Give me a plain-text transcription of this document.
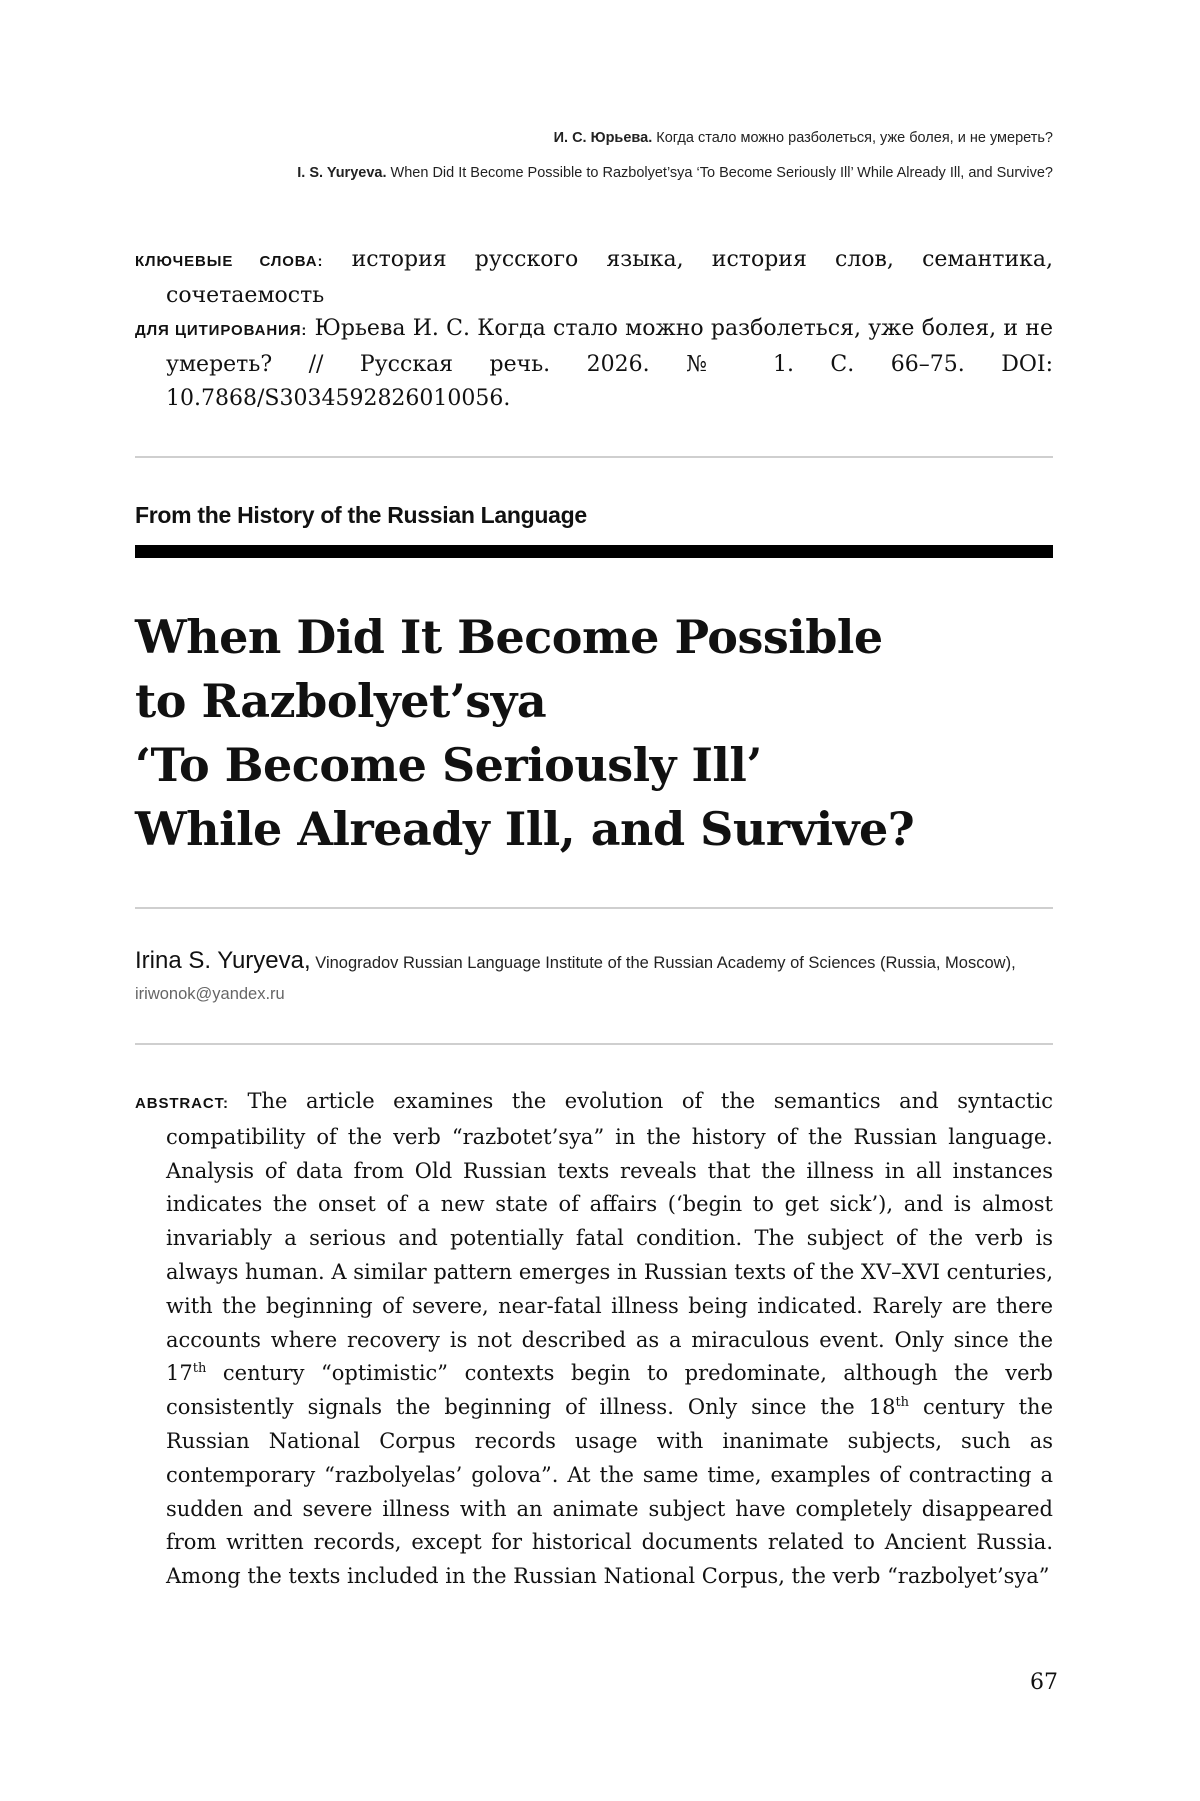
И. С. Юрьева. Когда стало можно разболеться, уже болея, и не умереть?
I. S. Yuryeva. When Did It Become Possible to Razbolyet’sya ‘To Become Seriously Ill’ While Already Ill, and Survive?

КЛЮЧЕВЫЕ СЛОВА: история русского языка, история слов, семантика, сочетаемость

ДЛЯ ЦИТИРОВАНИЯ: Юрьева И. С. Когда стало можно разболеться, уже болея, и не умереть? // Русская речь. 2026. № 1. С. 66–75. DOI: 10.7868/S3034592826010056.

From the History of the Russian Language
When Did It Become Possible
to Razbolyet’sya
‘To Become Seriously Ill’
While Already Ill, and Survive?
Irina S. Yuryeva, Vinogradov Russian Language Institute of the Russian Academy of Sciences (Russia, Moscow), iriwonok@yandex.ru

ABSTRACT: The article examines the evolution of the semantics and syntactic compatibility of the verb “razbotet’sya” in the history of the Russian language. Analysis of data from Old Russian texts reveals that the illness in all instances indicates the onset of a new state of affairs (‘begin to get sick’), and is almost invariably a serious and potentially fatal condition. The subject of the verb is always human. A similar pattern emerges in Russian texts of the XV–XVI centuries, with the beginning of severe, near-fatal illness being indicated. Rarely are there accounts where recovery is not described as a miraculous event. Only since the 17th century “optimistic” contexts begin to predominate, although the verb consistently signals the beginning of illness. Only since the 18th century the Russian National Corpus records usage with inanimate subjects, such as contemporary “razbolyelas’ golova”. At the same time, examples of contracting a sudden and severe illness with an animate subject have completely disappeared from written records, except for historical documents related to Ancient Russia. Among the texts included in the Russian National Corpus, the verb “razbolyet’sya”

67
